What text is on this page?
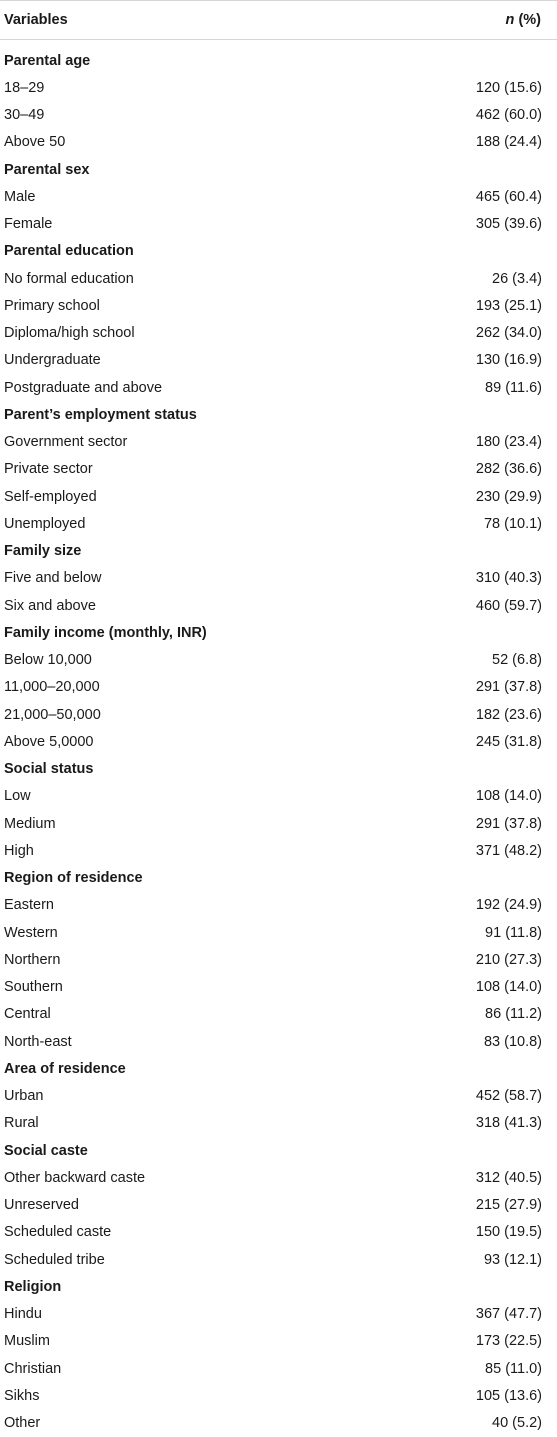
Variables	n (%)
Parental age
18–29	120 (15.6)
30–49	462 (60.0)
Above 50	188 (24.4)
Parental sex
Male	465 (60.4)
Female	305 (39.6)
Parental education
No formal education	26 (3.4)
Primary school	193 (25.1)
Diploma/high school	262 (34.0)
Undergraduate	130 (16.9)
Postgraduate and above	89 (11.6)
Parent’s employment status
Government sector	180 (23.4)
Private sector	282 (36.6)
Self-employed	230 (29.9)
Unemployed	78 (10.1)
Family size
Five and below	310 (40.3)
Six and above	460 (59.7)
Family income (monthly, INR)
Below 10,000	52 (6.8)
11,000–20,000	291 (37.8)
21,000–50,000	182 (23.6)
Above 5,0000	245 (31.8)
Social status
Low	108 (14.0)
Medium	291 (37.8)
High	371 (48.2)
Region of residence
Eastern	192 (24.9)
Western	91 (11.8)
Northern	210 (27.3)
Southern	108 (14.0)
Central	86 (11.2)
North-east	83 (10.8)
Area of residence
Urban	452 (58.7)
Rural	318 (41.3)
Social caste
Other backward caste	312 (40.5)
Unreserved	215 (27.9)
Scheduled caste	150 (19.5)
Scheduled tribe	93 (12.1)
Religion
Hindu	367 (47.7)
Muslim	173 (22.5)
Christian	85 (11.0)
Sikhs	105 (13.6)
Other	40 (5.2)
